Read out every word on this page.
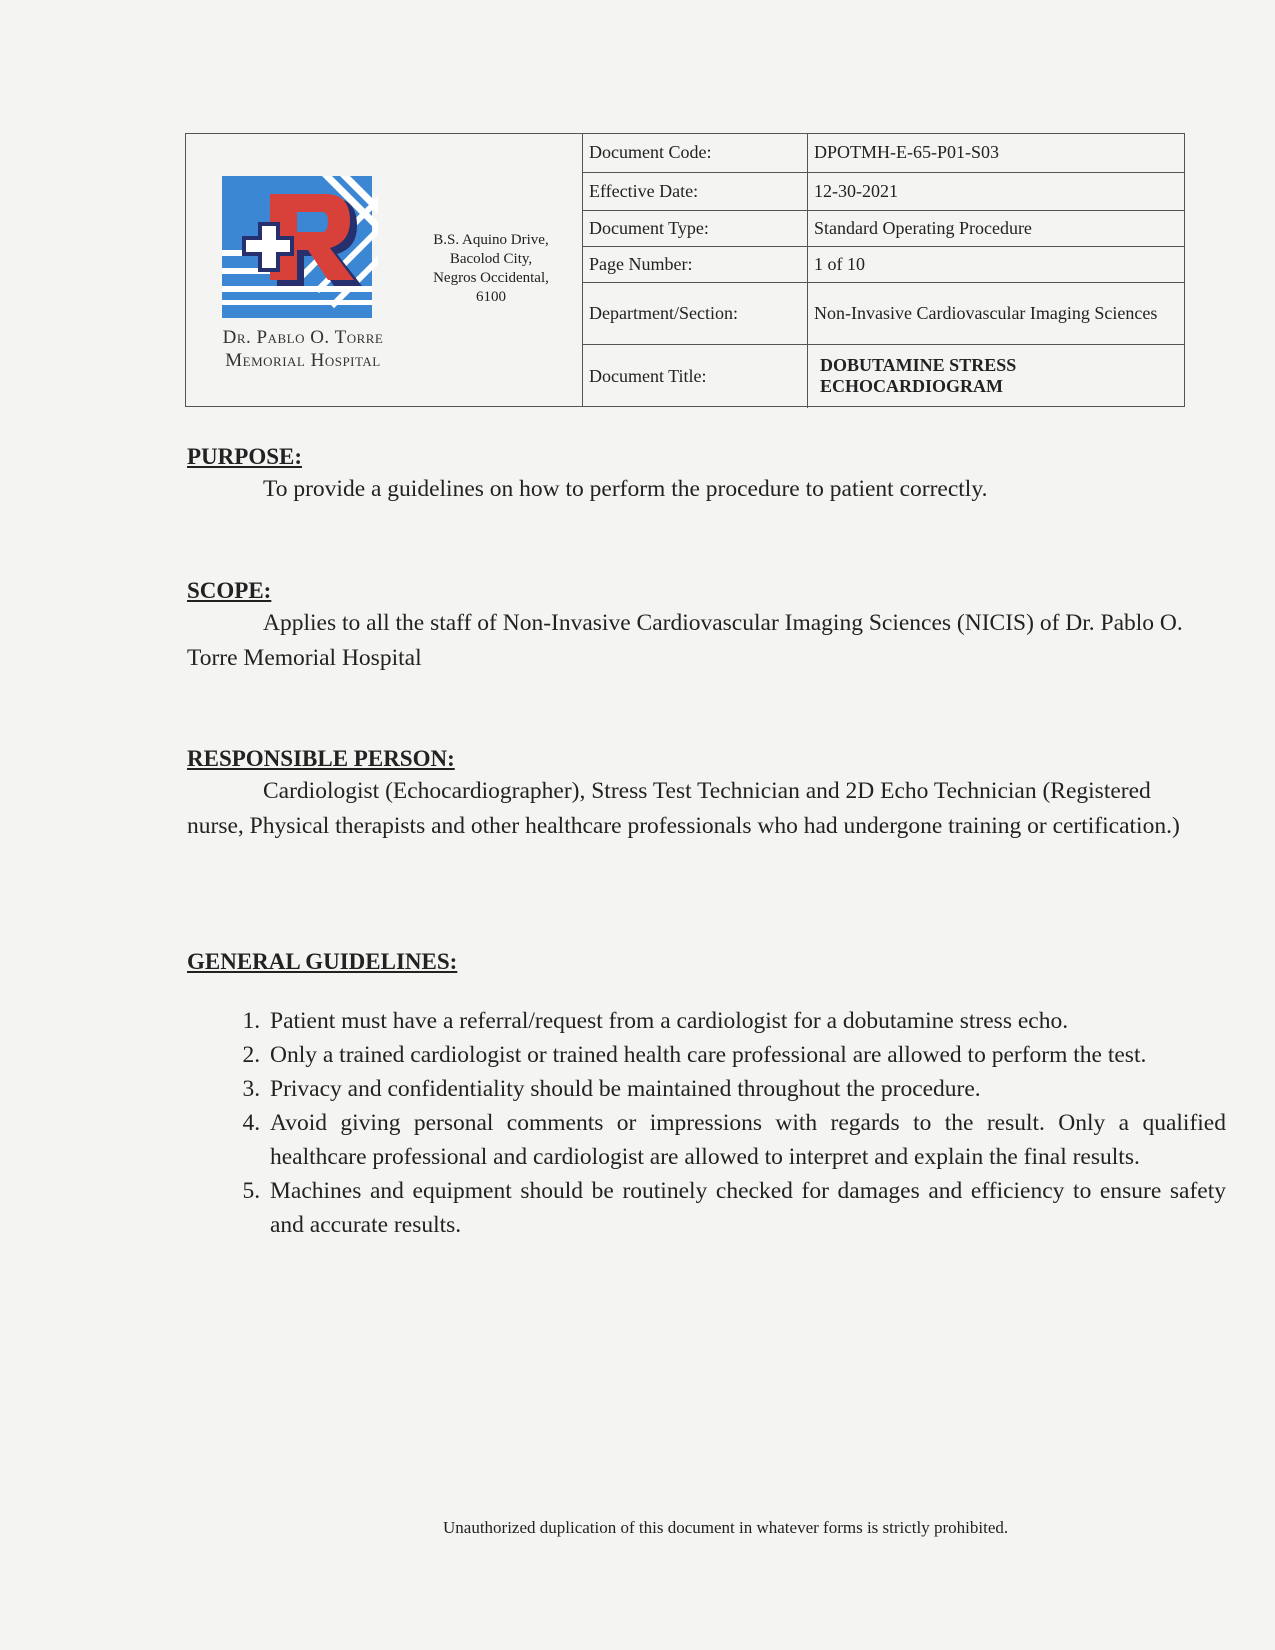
Dr. Pablo O. Torre
Memorial Hospital
B.S. Aquino Drive,
Bacolod City,
Negros Occidental,
6100
Document Code:	DPOTMH-E-65-P01-S03
Effective Date:	12-30-2021
Document Type:	Standard Operating Procedure
Page Number:	1 of 10
Department/Section:	Non-Invasive Cardiovascular Imaging Sciences
Document Title:	DOBUTAMINE STRESS
ECHOCARDIOGRAM
PURPOSE:

To provide a guidelines on how to perform the procedure to patient correctly.

SCOPE:

Applies to all the staff of Non-Invasive Cardiovascular Imaging Sciences (NICIS) of Dr. Pablo O. Torre Memorial Hospital

RESPONSIBLE PERSON:

Cardiologist (Echocardiographer), Stress Test Technician and 2D Echo Technician (Registered nurse, Physical therapists and other healthcare professionals who had undergone training or certification.)

GENERAL GUIDELINES:
1. Patient must have a referral/request from a cardiologist for a dobutamine stress echo.
2. Only a trained cardiologist or trained health care professional are allowed to perform the test.
3. Privacy and confidentiality should be maintained throughout the procedure.
4. Avoid giving personal comments or impressions with regards to the result. Only a qualified healthcare professional and cardiologist are allowed to interpret and explain the final results.
5. Machines and equipment should be routinely checked for damages and efficiency to ensure safety and accurate results.
Unauthorized duplication of this document in whatever forms is strictly prohibited.
